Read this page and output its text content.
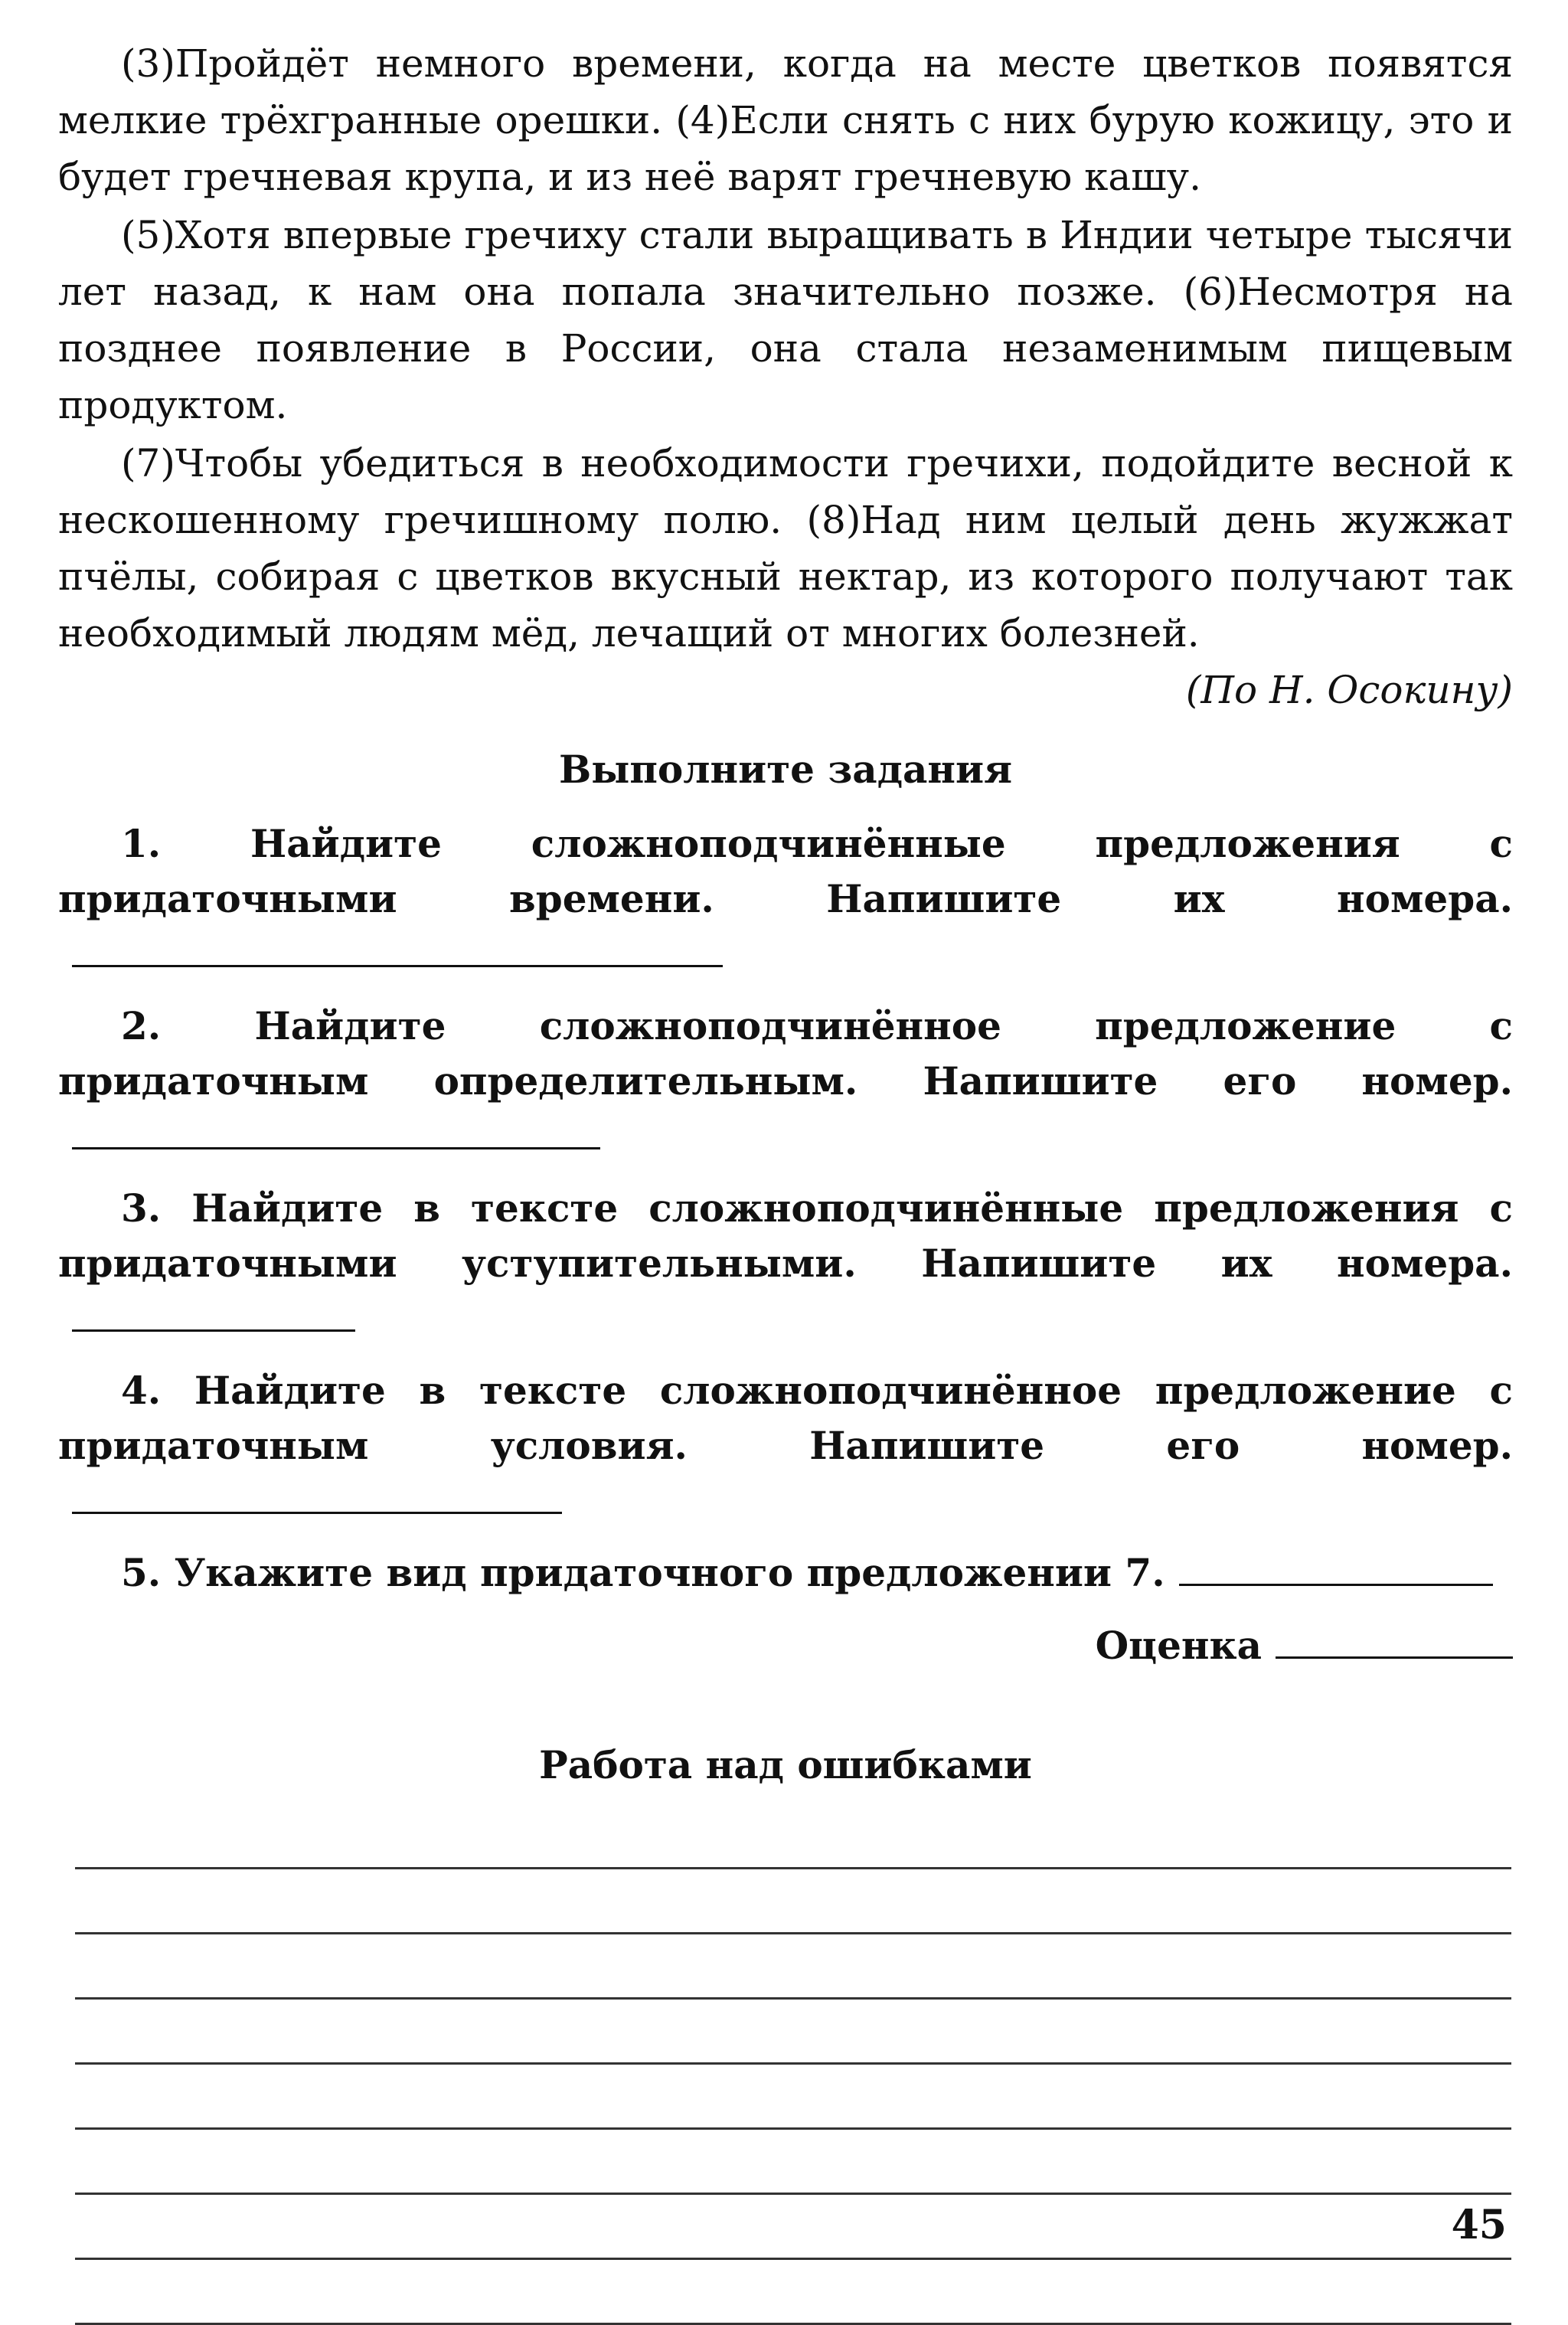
(3)Пройдёт немного времени, когда на месте цветков появятся мелкие трёхгранные орешки. (4)Если снять с них бурую кожицу, это и будет гречневая крупа, и из неё варят гречневую кашу.

(5)Хотя впервые гречиху стали выращивать в Индии четыре тысячи лет назад, к нам она попала значительно позже. (6)Несмотря на позднее появление в России, она стала незаменимым пищевым продуктом.

(7)Чтобы убедиться в необходимости гречихи, подойдите весной к нескошенному гречишному полю. (8)Над ним целый день жужжат пчёлы, собирая с цветков вкусный нектар, из которого получают так необходимый людям мёд, лечащий от многих болезней.

(По Н. Осокину)
Выполните задания
1. Найдите сложноподчинённые предложения с придаточными времени. Напишите их номера.
2. Найдите сложноподчинённое предложение с придаточным определительным. Напишите его номер.
3. Найдите в тексте сложноподчинённые предложения с придаточными уступительными. Напишите их номера.
4. Найдите в тексте сложноподчинённое предложение с придаточным условия. Напишите его номер.
5. Укажите вид придаточного предложении 7.
Оценка
Работа над ошибками
45
